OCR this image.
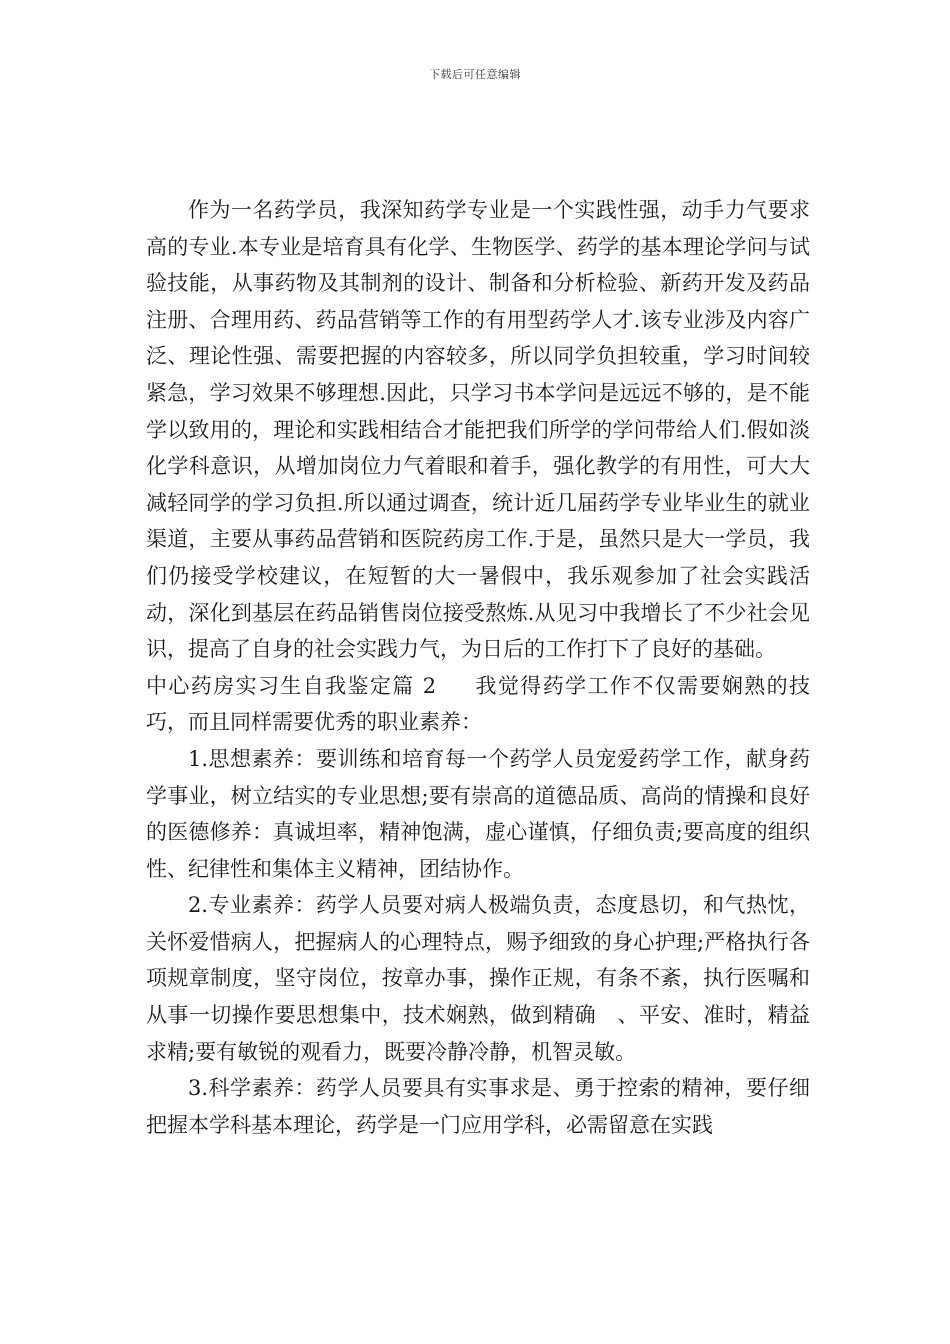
下载后可任意编辑

作为一名药学员，我深知药学专业是一个实践性强，动手力气要求高的专业.本专业是培育具有化学、生物医学、药学的基本理论学问与试验技能，从事药物及其制剂的设计、制备和分析检验、新药开发及药品注册、合理用药、药品营销等工作的有用型药学人才.该专业涉及内容广泛、理论性强、需要把握的内容较多，所以同学负担较重，学习时间较紧急，学习效果不够理想.因此，只学习书本学问是远远不够的，是不能学以致用的，理论和实践相结合才能把我们所学的学问带给人们.假如淡化学科意识，从增加岗位力气着眼和着手，强化教学的有用性，可大大减轻同学的学习负担.所以通过调查，统计近几届药学专业毕业生的就业渠道，主要从事药品营销和医院药房工作.于是，虽然只是大一学员，我们仍接受学校建议，在短暂的大一暑假中，我乐观参加了社会实践活动，深化到基层在药品销售岗位接受熬炼.从见习中我增长了不少社会见识，提高了自身的社会实践力气，为日后的工作打下了良好的基础。

中心药房实习生自我鉴定篇 2 我觉得药学工作不仅需要娴熟的技巧，而且同样需要优秀的职业素养：

1.思想素养：要训练和培育每一个药学人员宠爱药学工作，献身药学事业，树立结实的专业思想;要有崇高的道德品质、高尚的情操和良好的医德修养：真诚坦率，精神饱满，虚心谨慎，仔细负责;要高度的组织性、纪律性和集体主义精神，团结协作。

2.专业素养：药学人员要对病人极端负责，态度恳切，和气热忱，关怀爱惜病人，把握病人的心理特点，赐予细致的身心护理;严格执行各项规章制度，坚守岗位，按章办事，操作正规，有条不紊，执行医嘱和从事一切操作要思想集中，技术娴熟，做到精确　、平安、准时，精益求精;要有敏锐的观看力，既要冷静冷静，机智灵敏。

3.科学素养：药学人员要具有实事求是、勇于控索的精神，要仔细把握本学科基本理论，药学是一门应用学科，必需留意在实践
